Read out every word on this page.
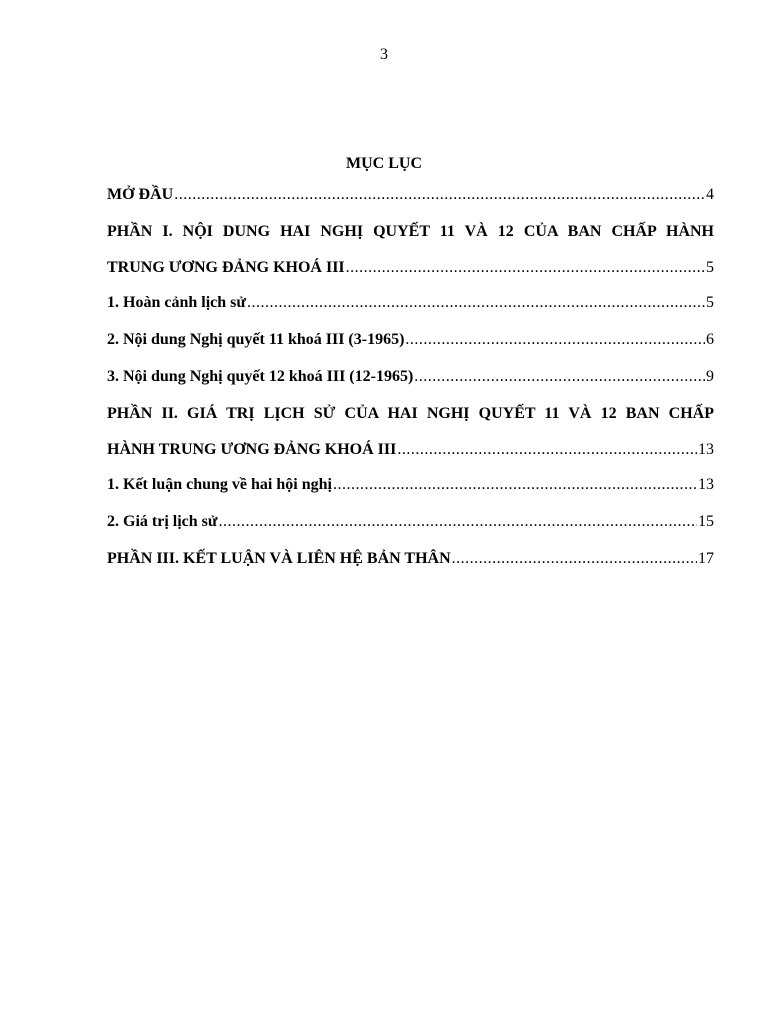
3
MỤC LỤC
MỞ ĐẦU .....	4
PHẦN I. NỘI DUNG HAI NGHỊ QUYẾT 11 VÀ 12 CỦA BAN CHẤP HÀNH
TRUNG ƯƠNG ĐẢNG KHOÁ III .....	5
1. Hoàn cảnh lịch sử .....	5
2. Nội dung Nghị quyết 11 khoá III (3-1965) .....	6
3. Nội dung Nghị quyết 12 khoá III (12-1965) .....	9
PHẦN II. GIÁ TRỊ LỊCH SỬ CỦA HAI NGHỊ QUYẾT 11 VÀ 12 BAN CHẤP
HÀNH TRUNG ƯƠNG ĐẢNG KHOÁ III .....	13
1. Kết luận chung về hai hội nghị .....	13
2. Giá trị lịch sử .....	15
PHẦN III. KẾT LUẬN VÀ LIÊN HỆ BẢN THÂN .....	17
